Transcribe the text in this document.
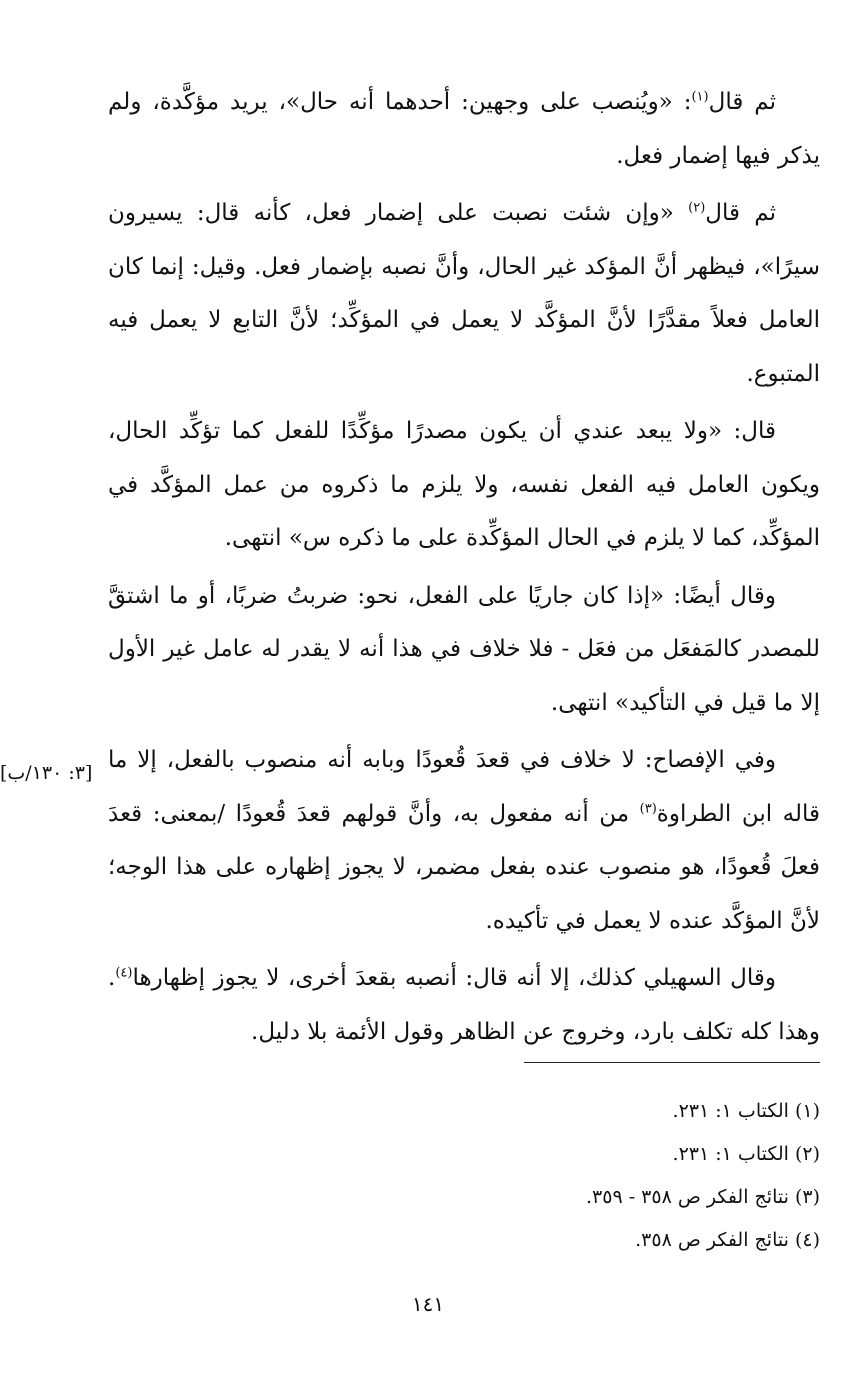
ثم قال$^{(١)}$: «ويُنصب على وجهين: أحدهما أنه حال»، يريد مؤكَّدة، ولم يذكر فيها إضمار فعل.

ثم قال$^{(٢)}$ «وإن شئت نصبت على إضمار فعل، كأنه قال: يسيرون سيرًا»، فيظهر أنَّ المؤكد غير الحال، وأنَّ نصبه بإضمار فعل. وقيل: إنما كان العامل فعلاً مقدَّرًا لأنَّ المؤكَّد لا يعمل في المؤكِّد؛ لأنَّ التابع لا يعمل فيه المتبوع.

قال: «ولا يبعد عندي أن يكون مصدرًا مؤكِّدًا للفعل كما تؤكِّد الحال، ويكون العامل فيه الفعل نفسه، ولا يلزم ما ذكروه من عمل المؤكَّد في المؤكِّد، كما لا يلزم في الحال المؤكِّدة على ما ذكره س» انتهى.

وقال أيضًا: «إذا كان جاريًا على الفعل، نحو: ضربتُ ضربًا، أو ما اشتقَّ للمصدر كالمَفعَل من فعَل - فلا خلاف في هذا أنه لا يقدر له عامل غير الأول إلا ما قيل في التأكيد» انتهى.

وفي الإفصاح: لا خلاف في قعدَ قُعودًا وبابه أنه منصوب بالفعل، إلا ما قاله ابن الطراوة$^{(٣)}$ من أنه مفعول به، وأنَّ قولهم قعدَ قُعودًا /بمعنى: قعدَ فعلَ قُعودًا، هو منصوب عنده بفعل مضمر، لا يجوز إظهاره على هذا الوجه؛ لأنَّ المؤكَّد عنده لا يعمل في تأكيده.

وقال السهيلي كذلك، إلا أنه قال: أنصبه بقعدَ أخرى، لا يجوز إظهارها$^{(٤)}$. وهذا كله تكلف بارد، وخروج عن الظاهر وقول الأئمة بلا دليل.

[٣: ١٣٠/ب]
(١) الكتاب ١: ٢٣١.
(٢) الكتاب ١: ٢٣١.
(٣) نتائج الفكر ص ٣٥٨ - ٣٥٩.
(٤) نتائج الفكر ص ٣٥٨.
١٤١
